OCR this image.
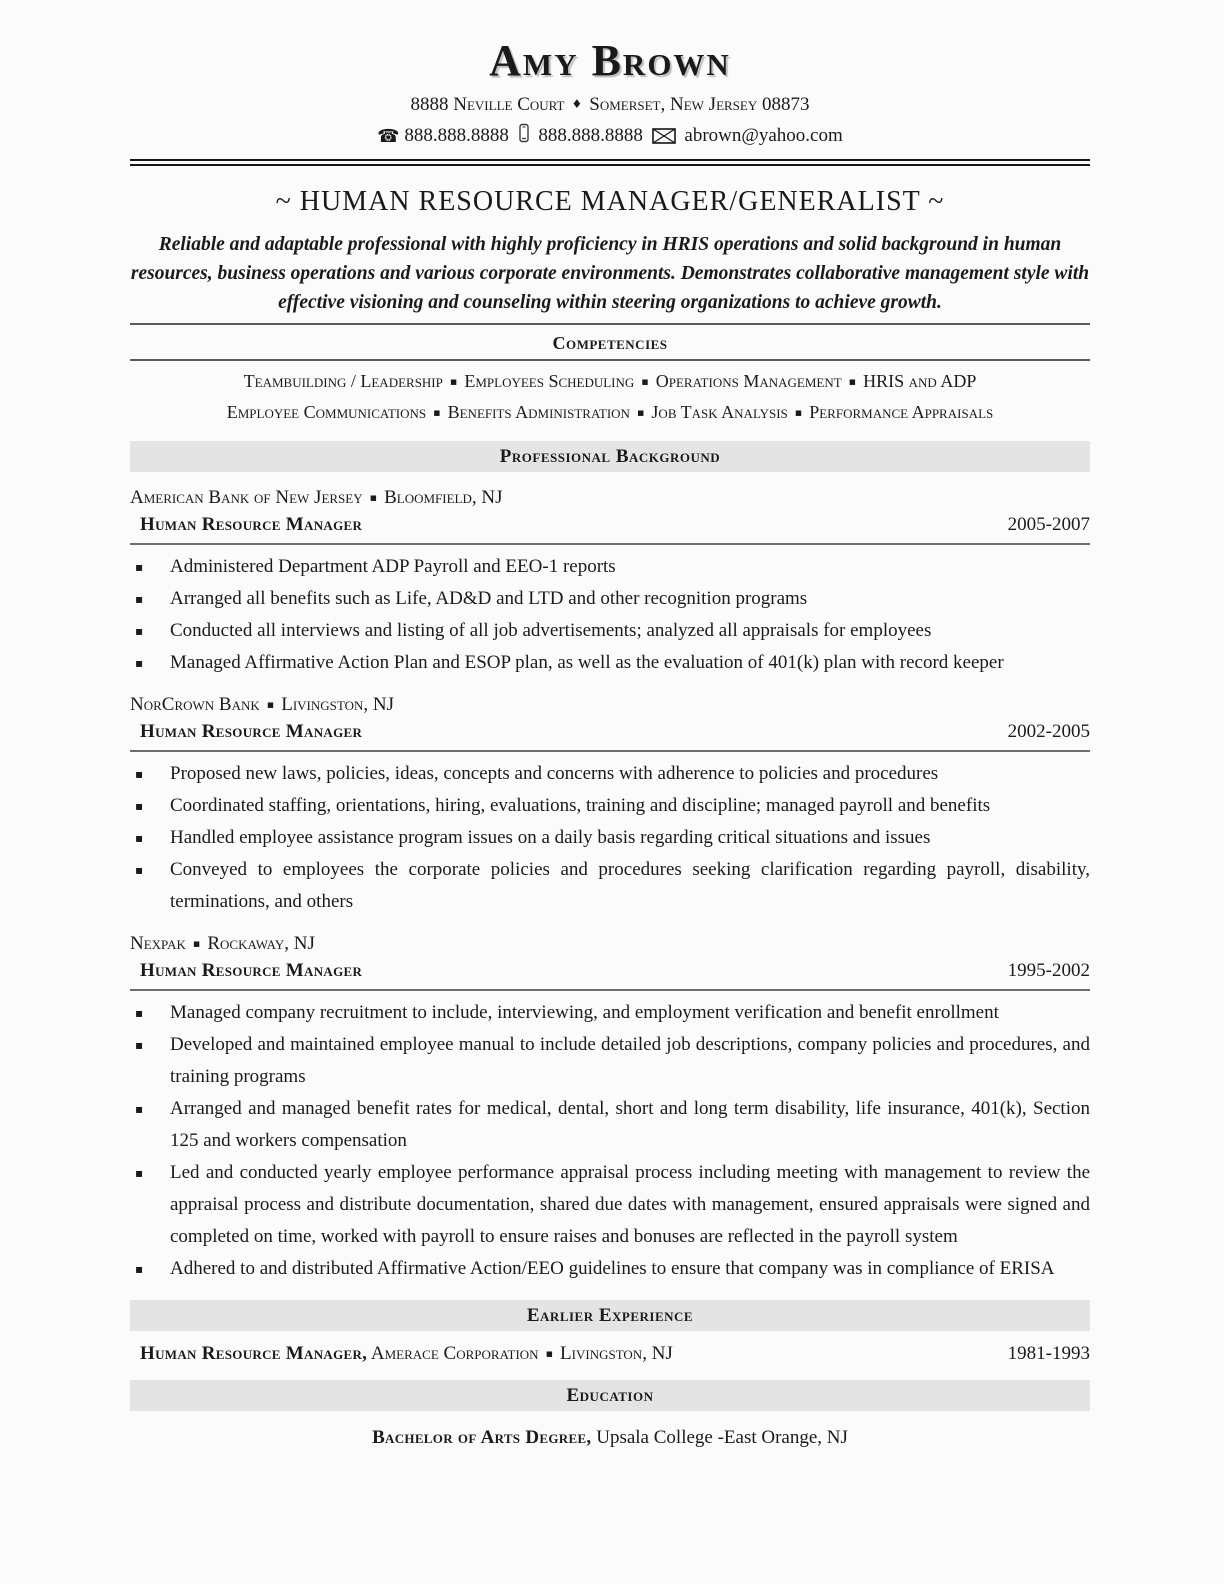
Amy Brown
8888 Neville Court ♦ Somerset, New Jersey 08873
☎ 888.888.8888 888.888.8888 abrown@yahoo.com
~ HUMAN RESOURCE MANAGER/GENERALIST ~

Reliable and adaptable professional with highly proficiency in HRIS operations and solid background in human resources, business operations and various corporate environments. Demonstrates collaborative management style with effective visioning and counseling within steering organizations to achieve growth.

Competencies
Teambuilding / Leadership ▪ Employees Scheduling ▪ Operations Management ▪ HRIS and ADP
Employee Communications ▪ Benefits Administration ▪ Job Task Analysis ▪ Performance Appraisals
Professional Background
American Bank of New Jersey ▪ Bloomfield, NJ
Human Resource Manager	2005-2007
▪ Administered Department ADP Payroll and EEO-1 reports
▪ Arranged all benefits such as Life, AD&D and LTD and other recognition programs
▪ Conducted all interviews and listing of all job advertisements; analyzed all appraisals for employees
▪ Managed Affirmative Action Plan and ESOP plan, as well as the evaluation of 401(k) plan with record keeper
NorCrown Bank ▪ Livingston, NJ
Human Resource Manager	2002-2005
▪ Proposed new laws, policies, ideas, concepts and concerns with adherence to policies and procedures
▪ Coordinated staffing, orientations, hiring, evaluations, training and discipline; managed payroll and benefits
▪ Handled employee assistance program issues on a daily basis regarding critical situations and issues
▪ Conveyed to employees the corporate policies and procedures seeking clarification regarding payroll, disability, terminations, and others
Nexpak ▪ Rockaway, NJ
Human Resource Manager	1995-2002
▪ Managed company recruitment to include, interviewing, and employment verification and benefit enrollment
▪ Developed and maintained employee manual to include detailed job descriptions, company policies and procedures, and training programs
▪ Arranged and managed benefit rates for medical, dental, short and long term disability, life insurance, 401(k), Section 125 and workers compensation
▪ Led and conducted yearly employee performance appraisal process including meeting with management to review the appraisal process and distribute documentation, shared due dates with management, ensured appraisals were signed and completed on time, worked with payroll to ensure raises and bonuses are reflected in the payroll system
▪ Adhered to and distributed Affirmative Action/EEO guidelines to ensure that company was in compliance of ERISA
Earlier Experience
Human Resource Manager, Amerace Corporation ▪ Livingston, NJ	1981-1993
Education
Bachelor of Arts Degree, Upsala College -East Orange, NJ
